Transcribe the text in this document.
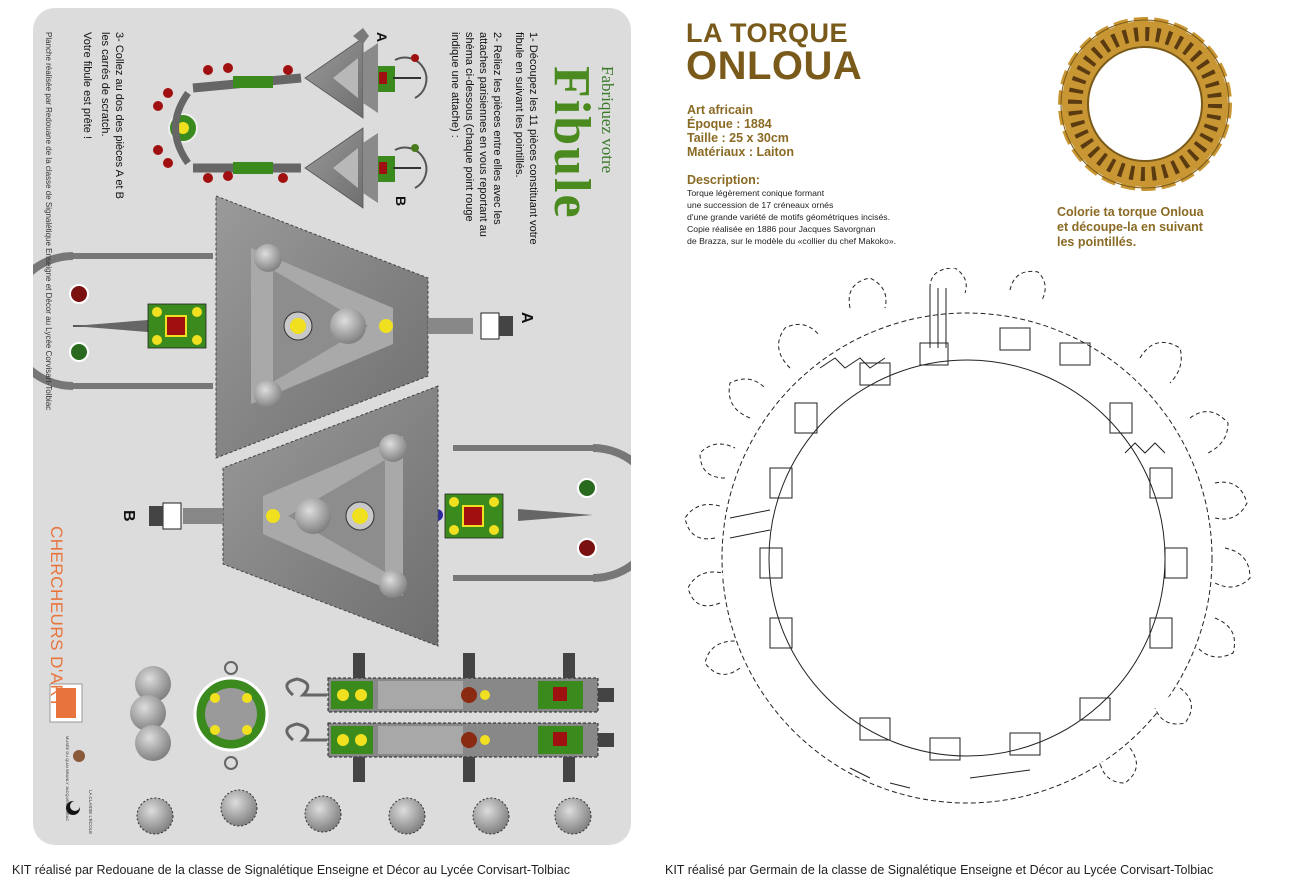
Fabriquez votre
Fibule
1- Découpez les 11 pièces constituant votre
fibule en suivant les pointillés.
2- Reliez les pièces entre elles avec les
attaches parisiennes en vous reportant au
shéma ci-dessous (chaque point rouge
indique une attache) :
A
B
3- Collez au dos des pièces A et B
les carrés de scratch.
Votre fibule est prête !
Planche réalisée par Redouane de la classe de Signalétique Enseigne et Décor au Lycée Corvisart-Tolbiac	A
B
CHERCHEURS D'ART
MUSÉE DU QUAI BRANLY JACQUES CHIRAC	LA CLASSE L'ÉCOLE
LA TORQUE
ONLOUA
Art africain
Époque : 1884
Taille : 25 x 30cm
Matériaux : Laiton
Description:
Torque légèrement conique formant
une succession de 17 créneaux ornés
d'une grande variété de motifs géométriques incisés.
Copie réalisée en 1886 pour Jacques Savorgnan
de Brazza, sur le modèle du «collier du chef Makoko».
Colorie ta torque Onloua
et découpe-la en suivant
les pointillés.
KIT réalisé par Redouane de la classe de Signalétique Enseigne et Décor au Lycée Corvisart-Tolbiac	KIT réalisé par Germain de la classe de Signalétique Enseigne et Décor au Lycée Corvisart-Tolbiac
